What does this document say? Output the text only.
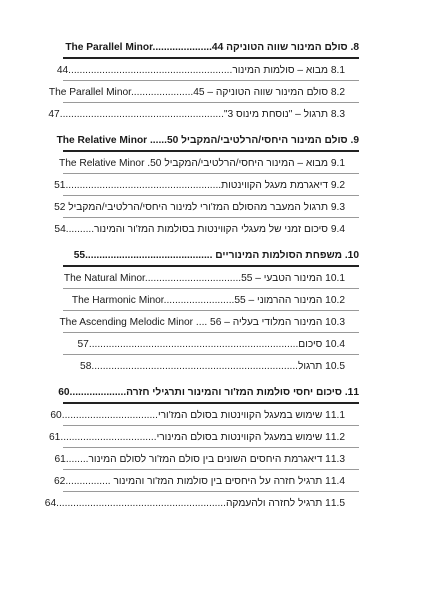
8. סולם המינור שווה הטוניקה The Parallel Minor.....................44
8.1 מבוא – סולמות המינור..........................................................44
8.2 סולם המינור שווה הטוניקה – The Parallel Minor......................45
8.3 תרגול – "נוסחת מינוס 3"..........................................................47
9. סולם המינור היחסי/הרלטיבי/המקביל The Relative Minor ......50
9.1 מבוא – המינור היחסי/הרלטיבי/המקביל The Relative Minor .50
9.2 דיאגרמת מעגל הקווינטות.......................................................51
9.3 תרגול המעבר מהסולם המז'ורי למינור היחסי/הרלטיבי/המקביל 52
9.4 סיכום זמני של מעגלי הקווינטות בסולמות המז'ור והמינור..........54
10. משפחת הסולמות המינוריים .............................................55
10.1 המינור הטבעי – The Natural Minor..................................55
10.2 המינור ההרמוני – The Harmonic Minor.........................55
10.3 המינור המלודי בעליה – The Ascending Melodic Minor .... 56
10.4 סיכום..........................................................................57
10.5 תרגול.........................................................................58
11. סיכום יחסי סולמות המז'ור והמינור ותרגילי חזרה....................60
11.1 שימוש במעגל הקווינטות בסולם המז'ורי..................................60
11.2 שימוש במעגל הקווינטות בסולם המינורי..................................61
11.3 דיאגרמת היחסים השונים בין סולם המז'ור לסולם המינור........61
11.4 תרגיל חזרה על היחסים בין סולמות המז'ור והמינור ................62
11.5 תרגיל לחזרה ולהעמקה............................................................64
